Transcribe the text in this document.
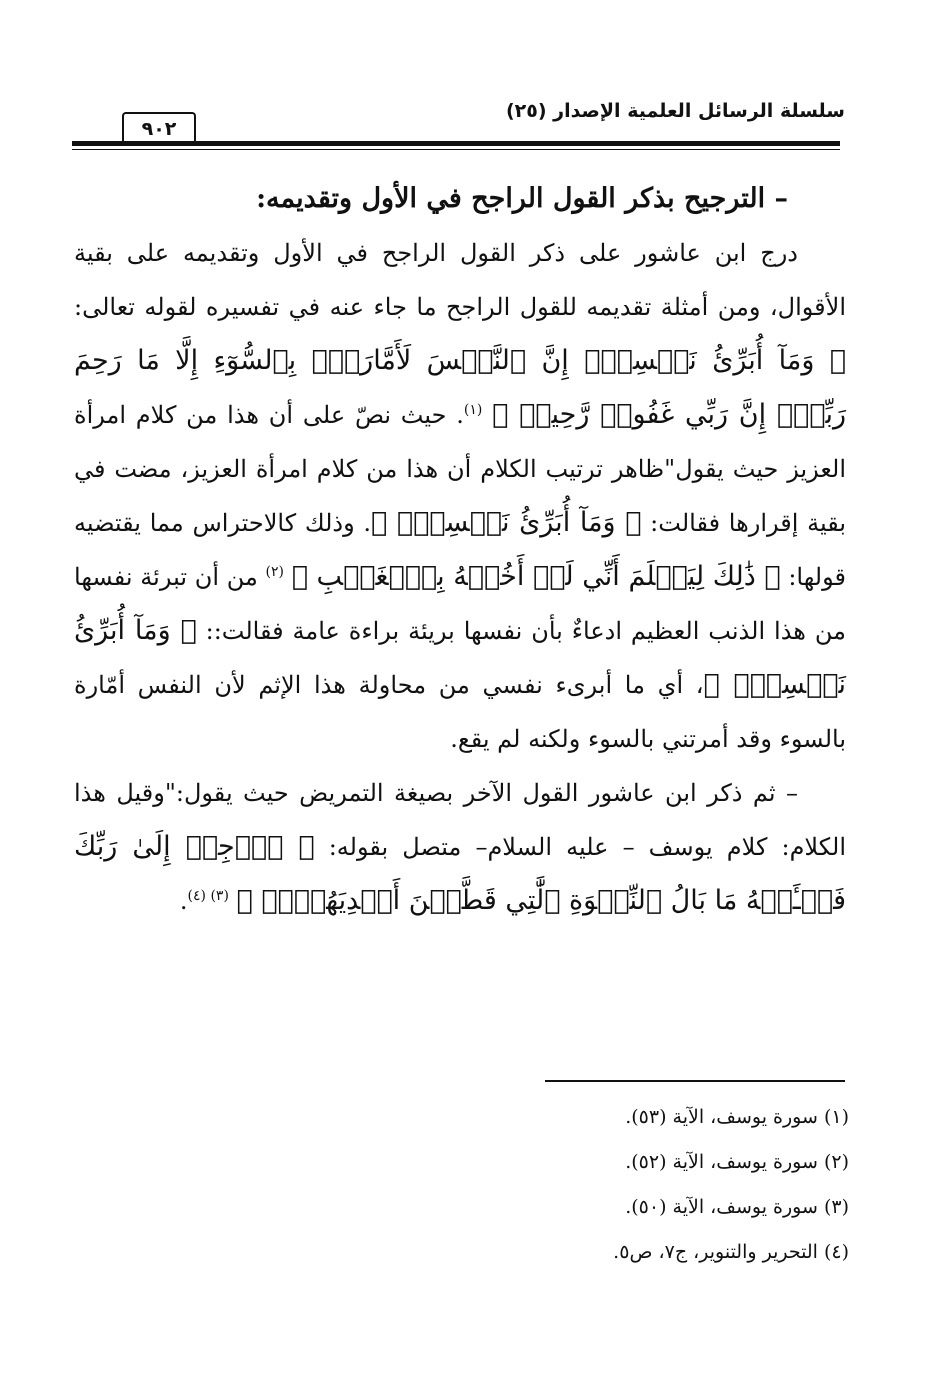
سلسلة الرسائل العلمية الإصدار (٢٥)
٩٠٢
– الترجيح بذكر القول الراجح في الأول وتقديمه:

درج ابن عاشور على ذكر القول الراجح في الأول وتقديمه على بقية الأقوال، ومن أمثلة تقديمه للقول الراجح ما جاء عنه في تفسيره لقوله تعالى: ﴿ وَمَآ أُبَرِّئُ نَفۡسِيٓۚ إِنَّ ٱلنَّفۡسَ لَأَمَّارَةُۢ بِٱلسُّوٓءِ إِلَّا مَا رَحِمَ رَبِّيٓۚ إِنَّ رَبِّي غَفُورٞ رَّحِيمٞ ﴾ $^{(١)}$. حيث نصّ على أن هذا من كلام امرأة العزيز حيث يقول"ظاهر ترتيب الكلام أن هذا من كلام امرأة العزيز، مضت في بقية إقرارها فقالت: ﴿ وَمَآ أُبَرِّئُ نَفۡسِيٓۚ ﴾. وذلك كالاحتراس مما يقتضيه قولها: ﴿ ذَٰلِكَ لِيَعۡلَمَ أَنِّي لَمۡ أَخُنۡهُ بِٱلۡغَيۡبِ ﴾ $^{(٢)}$ من أن تبرئة نفسها من هذا الذنب العظيم ادعاءٌ بأن نفسها بريئة براءة عامة فقالت:: ﴿ وَمَآ أُبَرِّئُ نَفۡسِيٓۚ ﴾، أي ما أبرىء نفسي من محاولة هذا الإثم لأن النفس أمّارة بالسوء وقد أمرتني بالسوء ولكنه لم يقع.

– ثم ذكر ابن عاشور القول الآخر بصيغة التمريض حيث يقول:"وقيل هذا الكلام: كلام يوسف – عليه السلام– متصل بقوله: ﴿ ٱرۡجِعۡ إِلَىٰ رَبِّكَ فَسۡـَٔلۡهُ مَا بَالُ ٱلنِّسۡوَةِ ٱلَّٰتِي قَطَّعۡنَ أَيۡدِيَهُنَّۚ ﴾ $^{(٣) (٤)}$.

(١) سورة يوسف، الآية (٥٣).
(٢) سورة يوسف، الآية (٥٢).
(٣) سورة يوسف، الآية (٥٠).
(٤) التحرير والتنوير، ج٧، ص٥.
